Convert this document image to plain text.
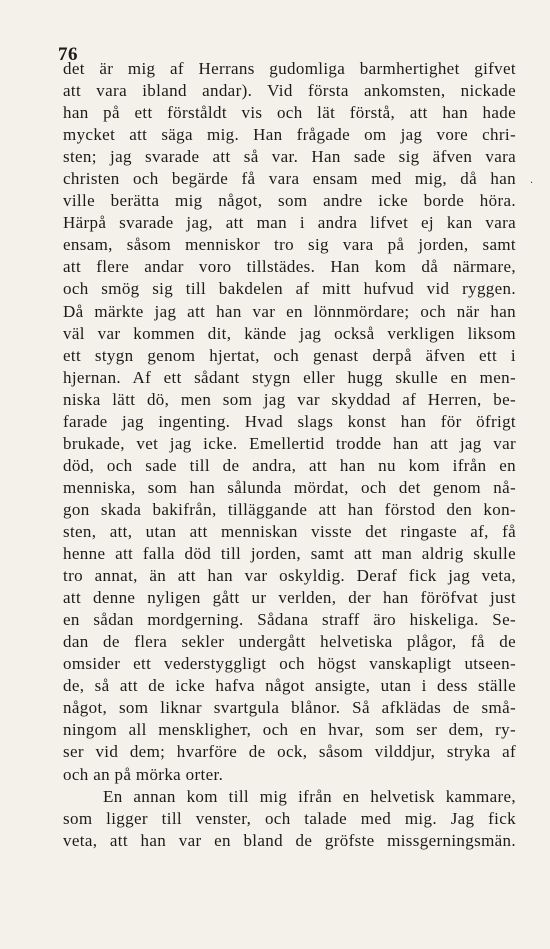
76
·
det är mig af Herrans gudomliga barmhertighet gifvet
att vara ibland andar). Vid första ankomsten, nickade
han på ett förståldt vis och lät förstå, att han hade
mycket att säga mig. Han frågade om jag vore chri-
sten; jag svarade att så var. Han sade sig äfven vara
christen och begärde få vara ensam med mig, då han
ville berätta mig något, som andre icke borde höra.
Härpå svarade jag, att man i andra lifvet ej kan vara
ensam, såsom menniskor tro sig vara på jorden, samt
att flere andar voro tillstädes. Han kom då närmare,
och smög sig till bakdelen af mitt hufvud vid ryggen.
Då märkte jag att han var en lönnmördare; och när han
väl var kommen dit, kände jag också verkligen liksom
ett stygn genom hjertat, och genast derpå äfven ett i
hjernan. Af ett sådant stygn eller hugg skulle en men-
niska lätt dö, men som jag var skyddad af Herren, be-
farade jag ingenting. Hvad slags konst han för öfrigt
brukade, vet jag icke. Emellertid trodde han att jag var
död, och sade till de andra, att han nu kom ifrån en
menniska, som han sålunda mördat, och det genom nå-
gon skada bakifrån, tilläggande att han förstod den kon-
sten, att, utan att menniskan visste det ringaste af, få
henne att falla död till jorden, samt att man aldrig skulle
tro annat, än att han var oskyldig. Deraf fick jag veta,
att denne nyligen gått ur verlden, der han föröfvat just
en sådan mordgerning. Sådana straff äro hiskeliga. Se-
dan de flera sekler undergått helvetiska plågor, få de
omsider ett vederstyggligt och högst vanskapligt utseen-
de, så att de icke hafva något ansigte, utan i dess ställe
något, som liknar svartgula blånor. Så afklädas de små-
ningom all menskligheт, och en hvar, som ser dem, ry-
ser vid dem; hvarföre de ock, såsom vilddjur, stryka af
och an på mörka orter.
En annan kom till mig ifrån en helvetisk kammare,
som ligger till venster, och talade med mig. Jag fick
veta, att han var en bland de gröfste missgerningsmän.
